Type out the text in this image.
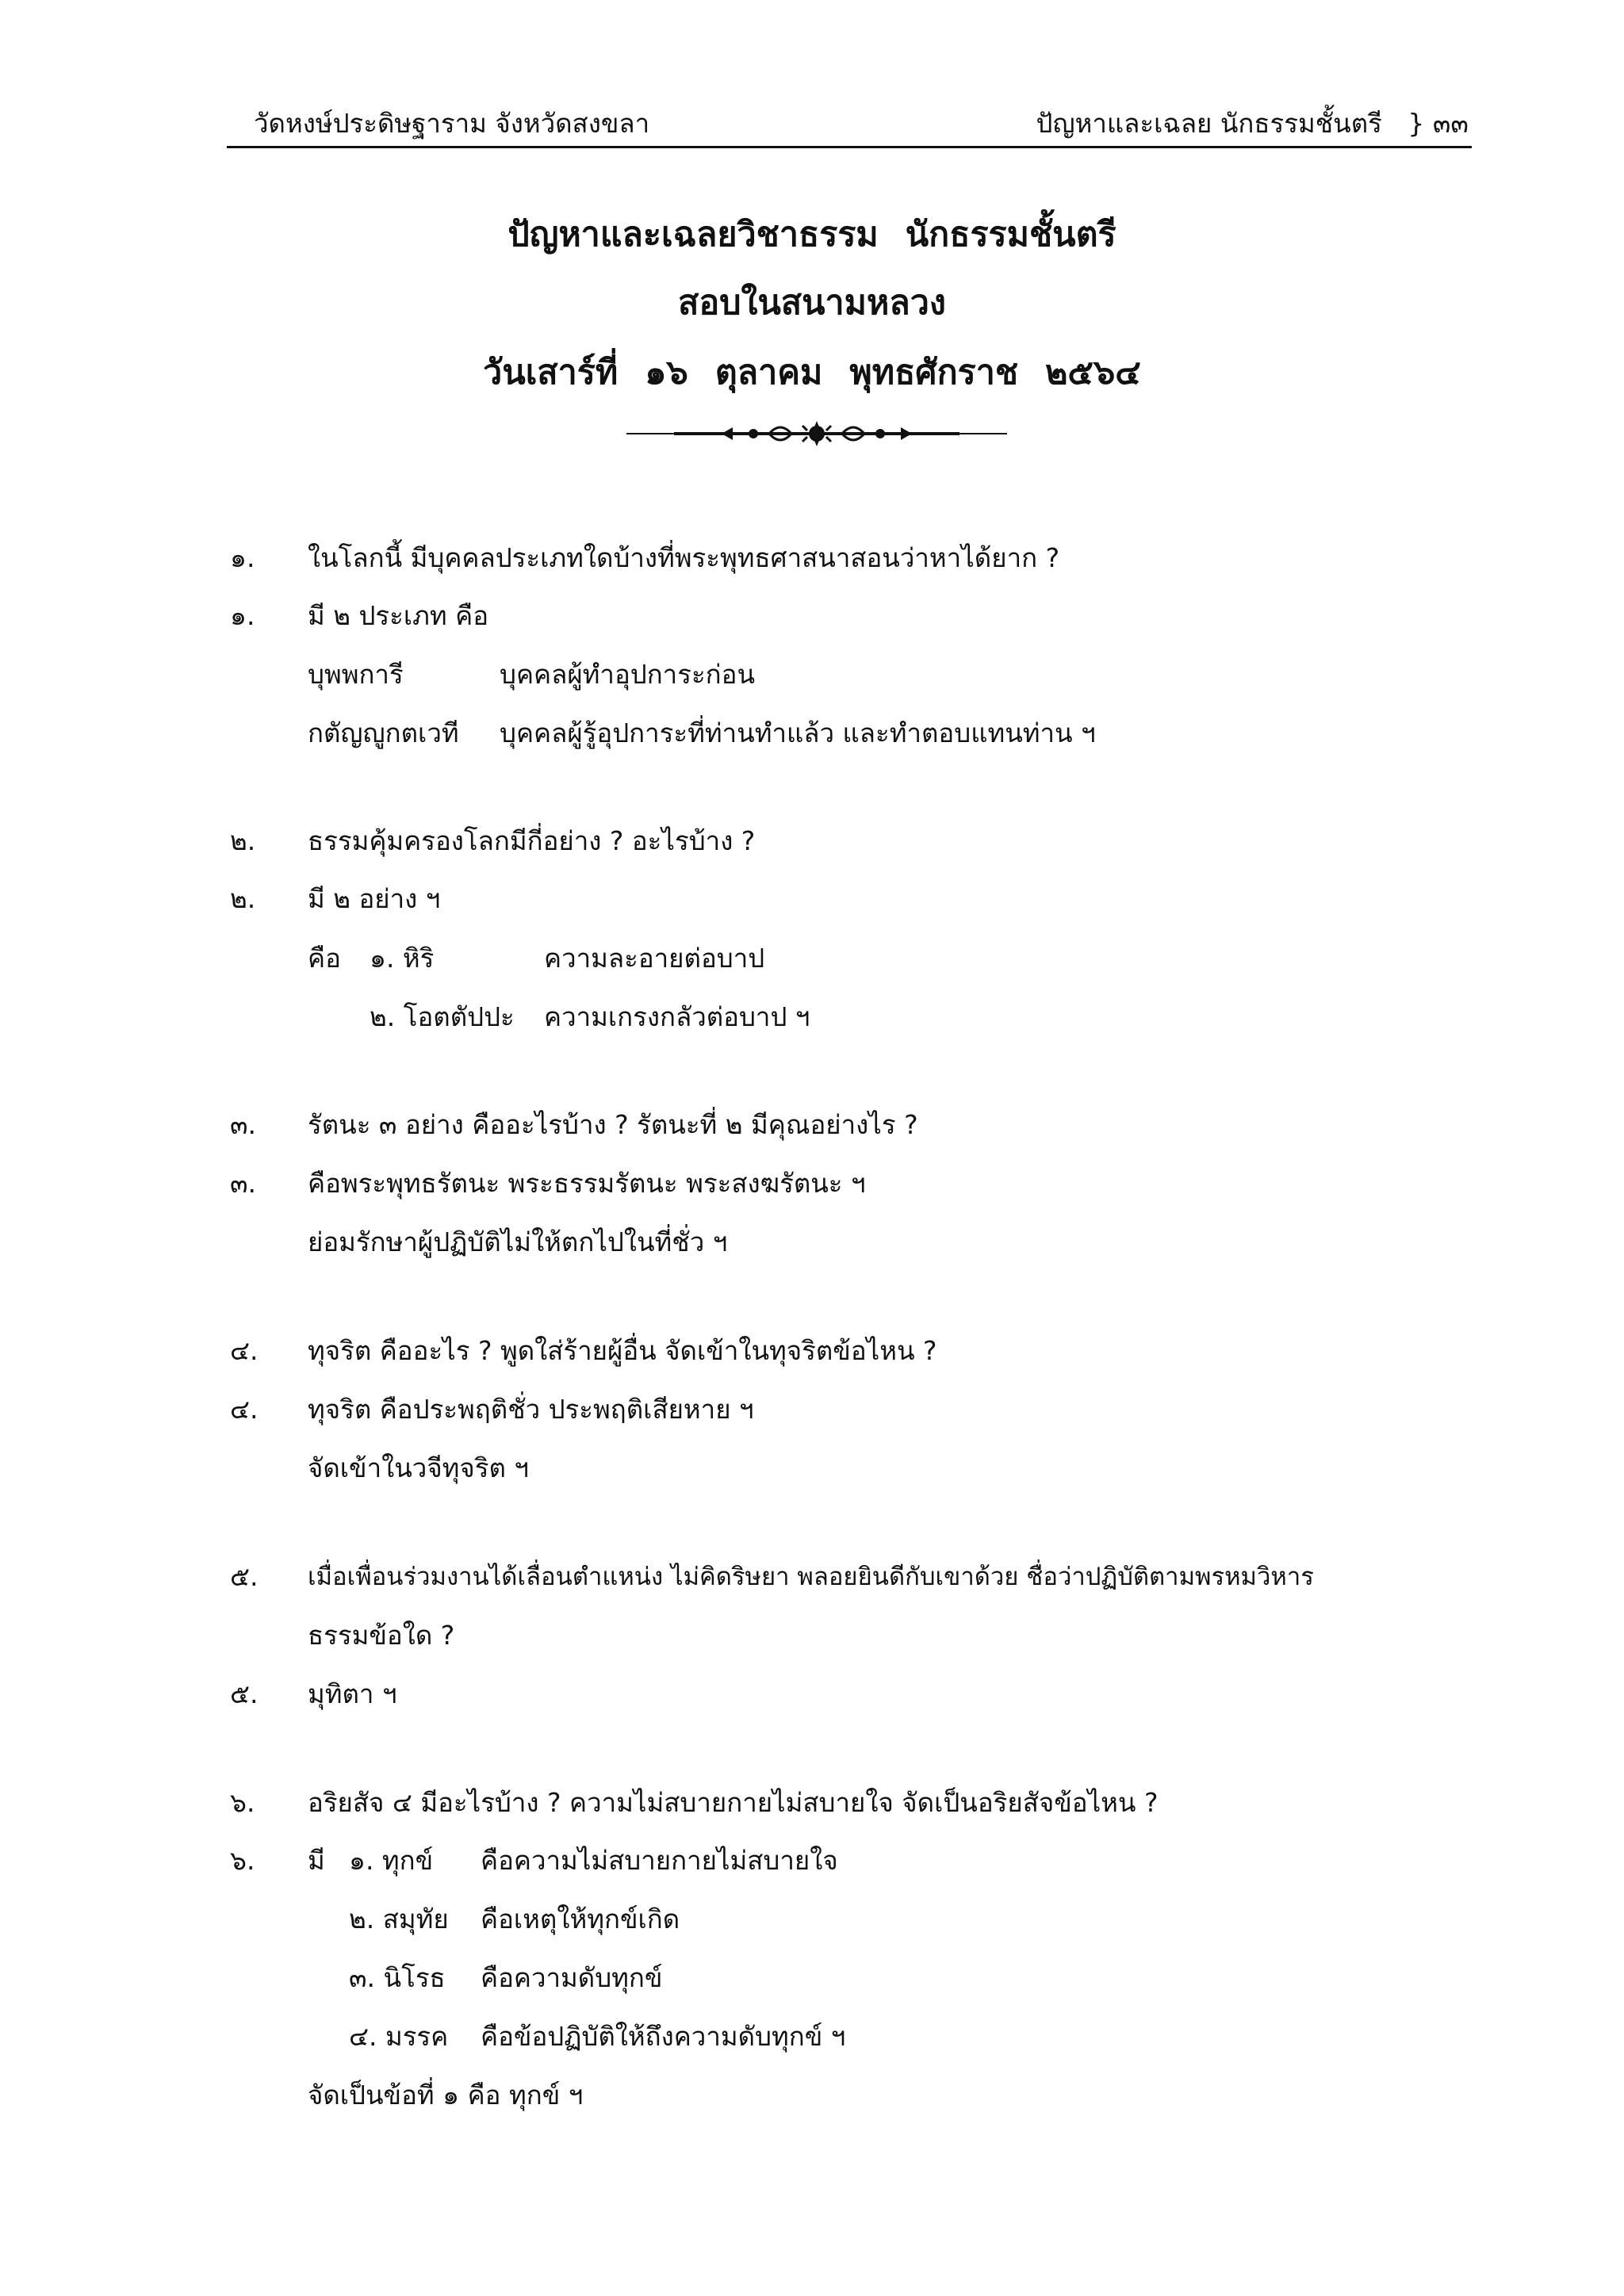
วัดหงษ์ประดิษฐาราม จังหวัดสงขลา	ปัญหาและเฉลย นักธรรมชั้นตรี } ๓๓
ปัญหาและเฉลยวิชาธรรม นักธรรมชั้นตรี
สอบในสนามหลวง
วันเสาร์ที่ ๑๖ ตุลาคม พุทธศักราช ๒๕๖๔
๑. ในโลกนี้ มีบุคคลประเภทใดบ้างที่พระพุทธศาสนาสอนว่าหาได้ยาก ?
๑. มี ๒ ประเภท คือ
บุพพการี	บุคคลผู้ทำอุปการะก่อน
กตัญญูกตเวที บุคคลผู้รู้อุปการะที่ท่านทำแล้ว และทำตอบแทนท่าน ฯ
๒. ธรรมคุ้มครองโลกมีกี่อย่าง ? อะไรบ้าง ?
๒. มี ๒ อย่าง ฯ
คือ ๑. หิริ	ความละอายต่อบาป
๒. โอตตัปปะ ความเกรงกลัวต่อบาป ฯ
๓. รัตนะ ๓ อย่าง คืออะไรบ้าง ? รัตนะที่ ๒ มีคุณอย่างไร ?
๓. คือพระพุทธรัตนะ พระธรรมรัตนะ พระสงฆรัตนะ ฯ
ย่อมรักษาผู้ปฏิบัติไม่ให้ตกไปในที่ชั่ว ฯ
๔. ทุจริต คืออะไร ? พูดใส่ร้ายผู้อื่น จัดเข้าในทุจริตข้อไหน ?
๔. ทุจริต คือประพฤติชั่ว ประพฤติเสียหาย ฯ
จัดเข้าในวจีทุจริต ฯ
๕. เมื่อเพื่อนร่วมงานได้เลื่อนตำแหน่ง ไม่คิดริษยา พลอยยินดีกับเขาด้วย ชื่อว่าปฏิบัติตามพรหมวิหาร
ธรรมข้อใด ?
๕. มุทิตา ฯ
๖. อริยสัจ ๔ มีอะไรบ้าง ? ความไม่สบายกายไม่สบายใจ จัดเป็นอริยสัจข้อไหน ?
๖. มี ๑. ทุกข์ คือความไม่สบายกายไม่สบายใจ
๒. สมุทัย คือเหตุให้ทุกข์เกิด
๓. นิโรธ คือความดับทุกข์
๔. มรรค คือข้อปฏิบัติให้ถึงความดับทุกข์ ฯ
จัดเป็นข้อที่ ๑ คือ ทุกข์ ฯ
